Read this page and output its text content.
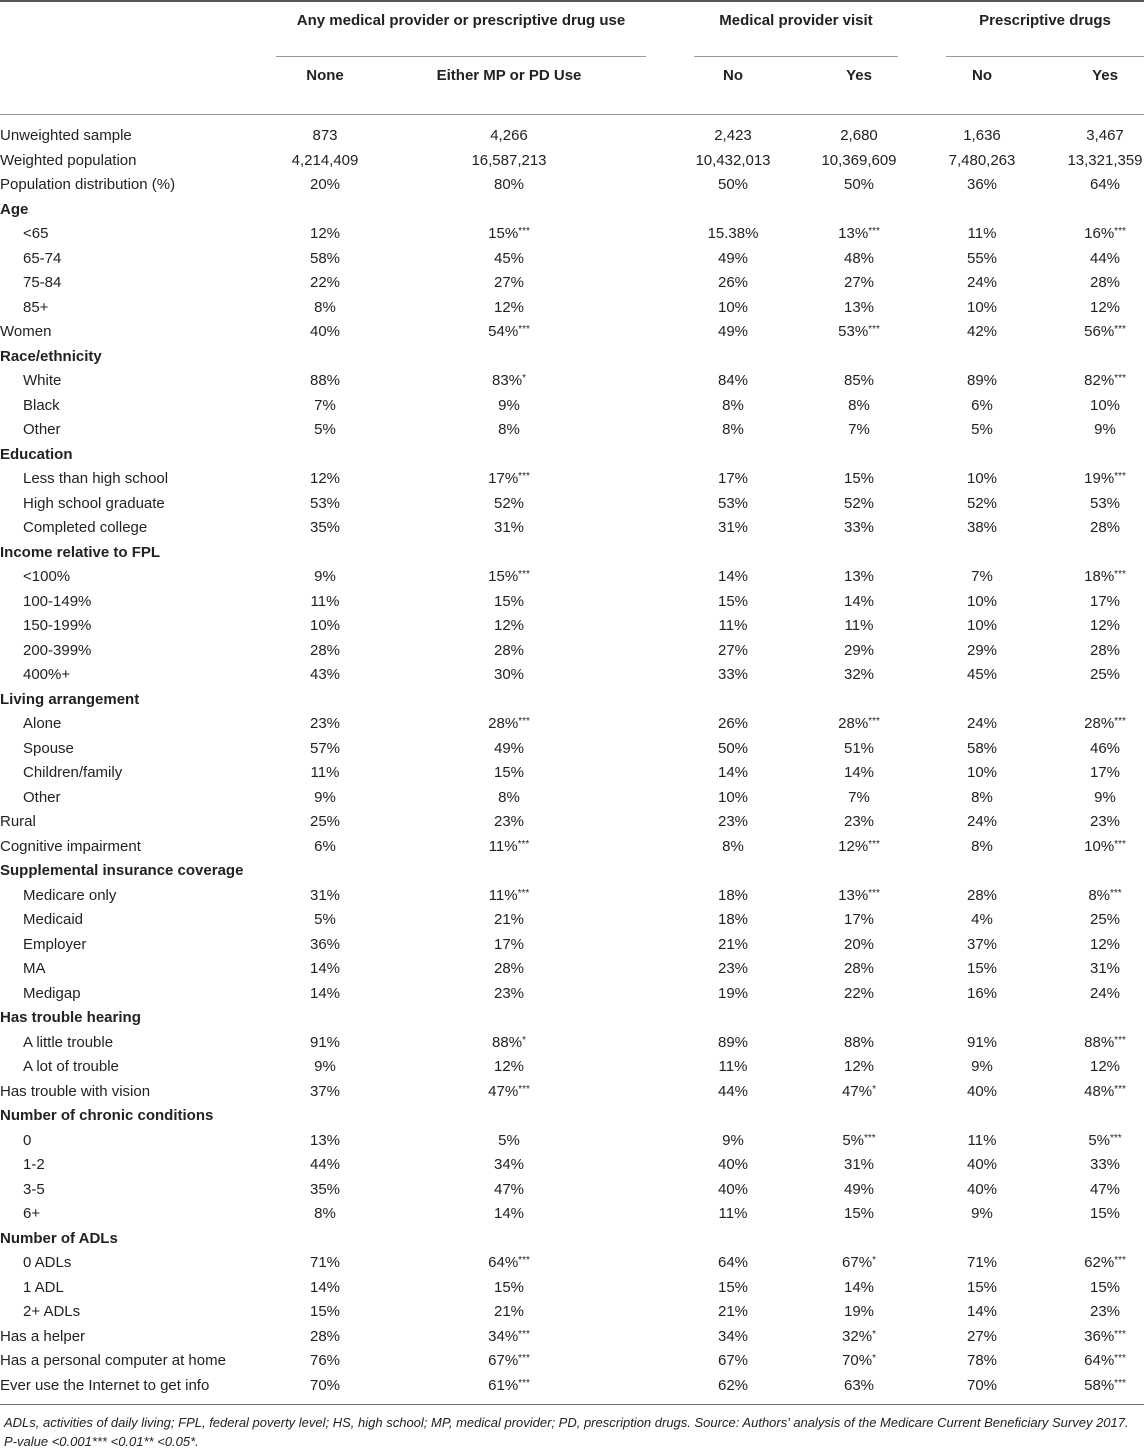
Any medical provider or prescriptive drug use	Medical provider visit	Prescriptive drugs
None	Either MP or PD Use	No	Yes	No	Yes
Unweighted sample	873		4,266		2,423		2,680		1,636		3,467
Weighted population	4,214,409		16,587,213		10,432,013		10,369,609		7,480,263		13,321,359
Population distribution (%)	20%		80%		50%		50%		36%		64%
Age											
<65	12%		15%***		15.38%		13%***		11%		16%***
65-74	58%		45%		49%		48%		55%		44%
75-84	22%		27%		26%		27%		24%		28%
85+	8%		12%		10%		13%		10%		12%
Women	40%		54%***		49%		53%***		42%		56%***
Race/ethnicity											
White	88%		83%*		84%		85%		89%		82%***
Black	7%		9%		8%		8%		6%		10%
Other	5%		8%		8%		7%		5%		9%
Education											
Less than high school	12%		17%***		17%		15%		10%		19%***
High school graduate	53%		52%		53%		52%		52%		53%
Completed college	35%		31%		31%		33%		38%		28%
Income relative to FPL											
<100%	9%		15%***		14%		13%		7%		18%***
100-149%	11%		15%		15%		14%		10%		17%
150-199%	10%		12%		11%		11%		10%		12%
200-399%	28%		28%		27%		29%		29%		28%
400%+	43%		30%		33%		32%		45%		25%
Living arrangement											
Alone	23%		28%***		26%		28%***		24%		28%***
Spouse	57%		49%		50%		51%		58%		46%
Children/family	11%		15%		14%		14%		10%		17%
Other	9%		8%		10%		7%		8%		9%
Rural	25%		23%		23%		23%		24%		23%
Cognitive impairment	6%		11%***		8%		12%***		8%		10%***
Supplemental insurance coverage											
Medicare only	31%		11%***		18%		13%***		28%		8%***
Medicaid	5%		21%		18%		17%		4%		25%
Employer	36%		17%		21%		20%		37%		12%
MA	14%		28%		23%		28%		15%		31%
Medigap	14%		23%		19%		22%		16%		24%
Has trouble hearing											
A little trouble	91%		88%*		89%		88%		91%		88%***
A lot of trouble	9%		12%		11%		12%		9%		12%
Has trouble with vision	37%		47%***		44%		47%*		40%		48%***
Number of chronic conditions											
0	13%		5%		9%		5%***		11%		5%***
1-2	44%		34%		40%		31%		40%		33%
3-5	35%		47%		40%		49%		40%		47%
6+	8%		14%		11%		15%		9%		15%
Number of ADLs											
0 ADLs	71%		64%***		64%		67%*		71%		62%***
1 ADL	14%		15%		15%		14%		15%		15%
2+ ADLs	15%		21%		21%		19%		14%		23%
Has a helper	28%		34%***		34%		32%*		27%		36%***
Has a personal computer at home	76%		67%***		67%		70%*		78%		64%***
Ever use the Internet to get info	70%		61%***		62%		63%		70%		58%***
ADLs, activities of daily living; FPL, federal poverty level; HS, high school; MP, medical provider; PD, prescription drugs. Source: Authors' analysis of the Medicare Current Beneficiary Survey 2017. P-value <0.001*** <0.01** <0.05*.
